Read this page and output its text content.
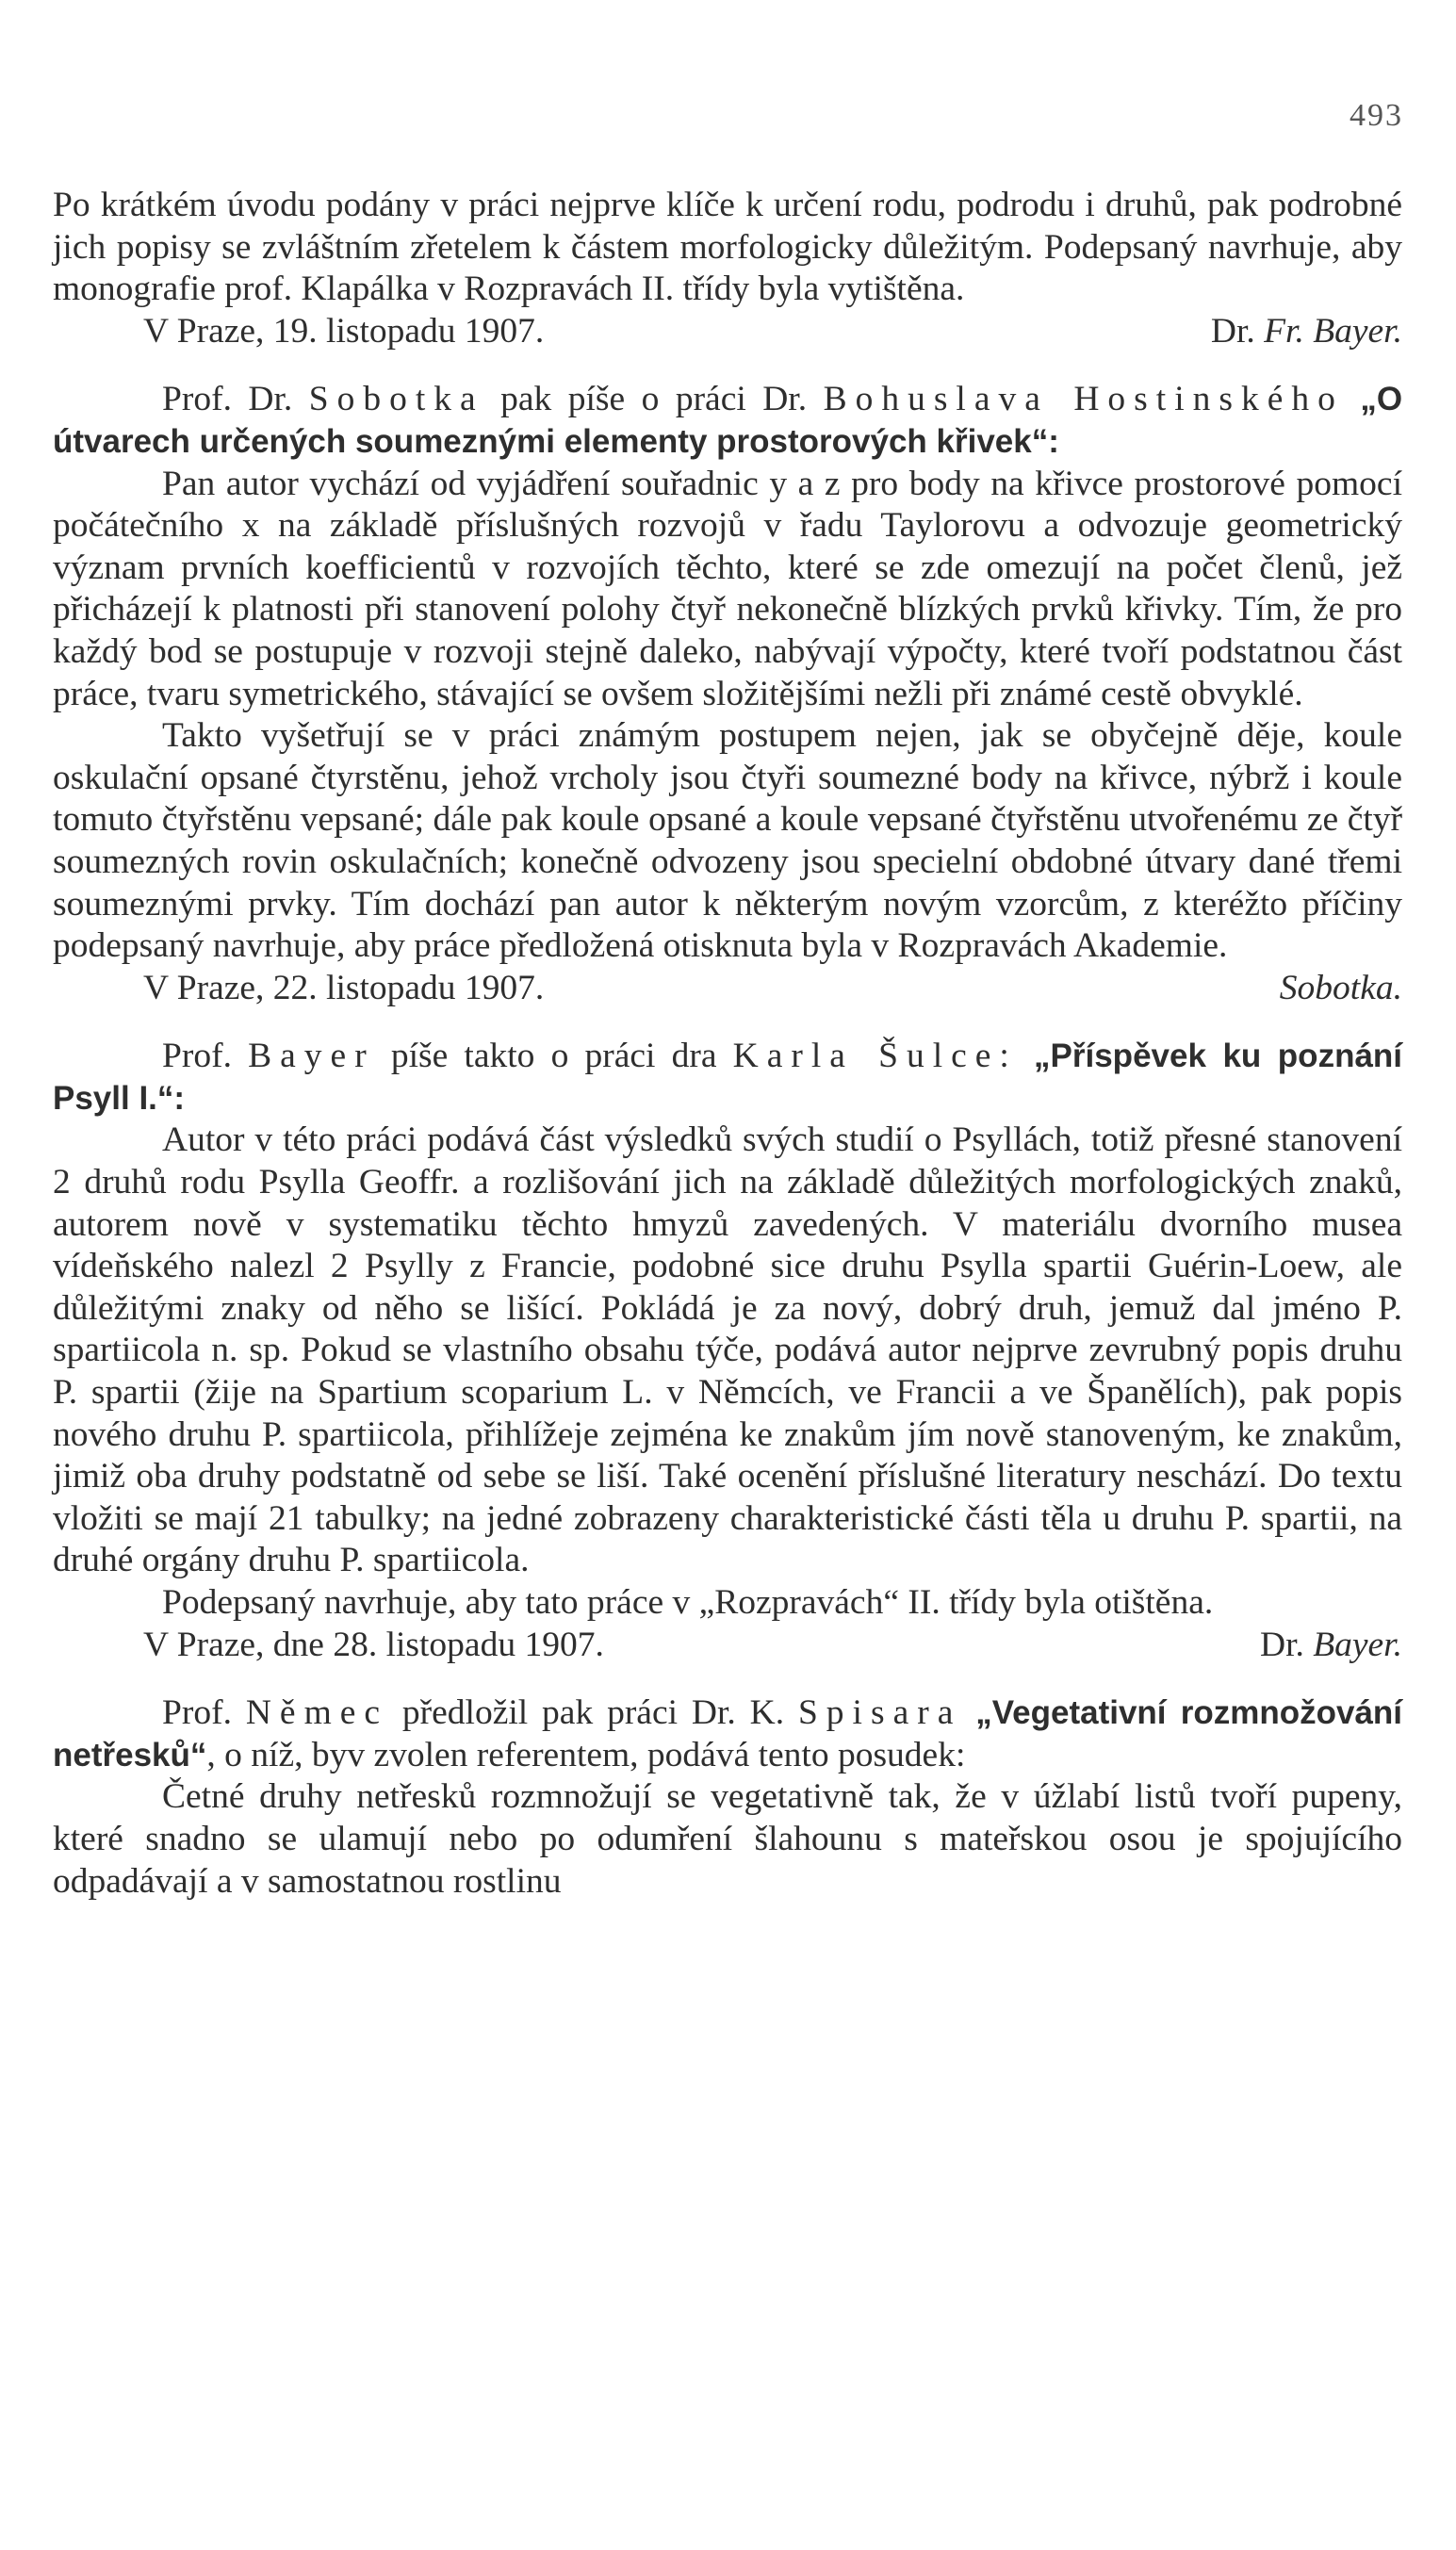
493

Po krátkém úvodu podány v práci nejprve klíče k určení rodu, podrodu i druhů, pak podrobné jich popisy se zvláštním zřetelem k částem morfologicky důležitým. Podepsaný navrhuje, aby monografie prof. Klapálka v Rozpravách II. třídy byla vytištěna.

V Praze, 19. listopadu 1907.	Dr. Fr. Bayer.

Prof. Dr. Sobotka pak píše o práci Dr. Bohuslava Hostinského „O útvarech určených soumeznými elementy prostorových křivek“:

Pan autor vychází od vyjádření souřadnic y a z pro body na křivce prostorové pomocí počátečního x na základě příslušných rozvojů v řadu Taylorovu a odvozuje geometrický význam prvních koefficientů v rozvojích těchto, které se zde omezují na počet členů, jež přicházejí k platnosti při stanovení polohy čtyř nekonečně blízkých prvků křivky. Tím, že pro každý bod se postupuje v rozvoji stejně daleko, nabývají výpočty, které tvoří podstatnou část práce, tvaru symetrického, stávající se ovšem složitějšími nežli při známé cestě obvyklé.

Takto vyšetřují se v práci známým postupem nejen, jak se obyčejně děje, koule oskulační opsané čtyrstěnu, jehož vrcholy jsou čtyři soumezné body na křivce, nýbrž i koule tomuto čtyřstěnu vepsané; dále pak koule opsané a koule vepsané čtyřstěnu utvořenému ze čtyř soumezných rovin oskulačních; konečně odvozeny jsou specielní obdobné útvary dané třemi soumeznými prvky. Tím dochází pan autor k některým novým vzorcům, z kteréžto příčiny podepsaný navrhuje, aby práce předložená otisknuta byla v Rozpravách Akademie.

V Praze, 22. listopadu 1907.	Sobotka.

Prof. Bayer píše takto o práci dra Karla Šulce: „Příspěvek ku poznání Psyll I.“:

Autor v této práci podává část výsledků svých studií o Psyllách, totiž přesné stanovení 2 druhů rodu Psylla Geoffr. a rozlišování jich na základě důležitých morfologických znaků, autorem nově v systematiku těchto hmyzů zavedených. V materiálu dvorního musea vídeňského nalezl 2 Psylly z Francie, podobné sice druhu Psylla spartii Guérin-Loew, ale důležitými znaky od něho se lišící. Pokládá je za nový, dobrý druh, jemuž dal jméno P. spartiicola n. sp. Pokud se vlastního obsahu týče, podává autor nejprve zevrubný popis druhu P. spartii (žije na Spartium scoparium L. v Němcích, ve Francii a ve Španělích), pak popis nového druhu P. spartiicola, přihlížeje zejména ke znakům jím nově stanoveným, ke znakům, jimiž oba druhy podstatně od sebe se liší. Také ocenění příslušné literatury neschází. Do textu vložiti se mají 21 tabulky; na jedné zobrazeny charakteristické části těla u druhu P. spartii, na druhé orgány druhu P. spartiicola.

Podepsaný navrhuje, aby tato práce v „Rozpravách“ II. třídy byla otištěna.

V Praze, dne 28. listopadu 1907.	Dr. Bayer.

Prof. Němec předložil pak práci Dr. K. Spisara „Vegetativní rozmnožování netřesků“, o níž, byv zvolen referentem, podává tento posudek:

Četné druhy netřesků rozmnožují se vegetativně tak, že v úžlabí listů tvoří pupeny, které snadno se ulamují nebo po odumření šlahounu s mateřskou osou je spojujícího odpadávají a v samostatnou rostlinu
